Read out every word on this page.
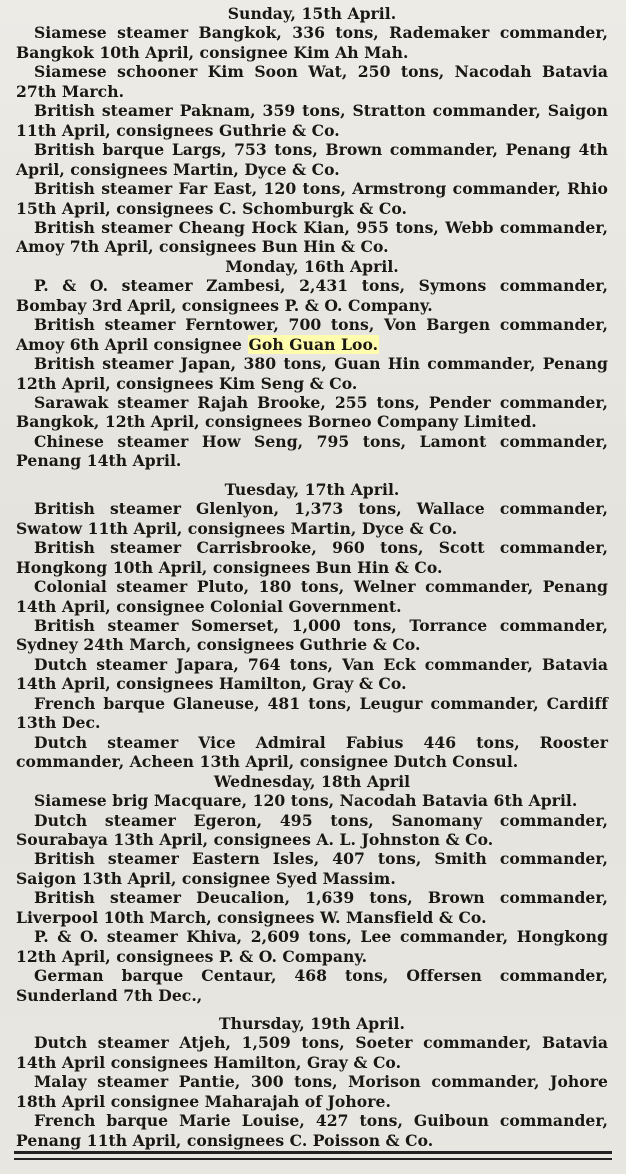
Sunday, 15th April.

Siamese steamer Bangkok, 336 tons, Rademaker commander, Bangkok 10th April, consignee Kim Ah Mah.

Siamese schooner Kim Soon Wat, 250 tons, Nacodah Batavia 27th March.

British steamer Paknam, 359 tons, Stratton commander, Saigon 11th April, consignees Guthrie & Co.

British barque Largs, 753 tons, Brown commander, Penang 4th April, consignees Martin, Dyce & Co.

British steamer Far East, 120 tons, Armstrong commander, Rhio 15th April, consignees C. Schomburgk & Co.

British steamer Cheang Hock Kian, 955 tons, Webb commander, Amoy 7th April, consignees Bun Hin & Co.

Monday, 16th April.

P. & O. steamer Zambesi, 2,431 tons, Symons commander, Bombay 3rd April, consignees P. & O. Company.

British steamer Ferntower, 700 tons, Von Bargen commander, Amoy 6th April consignee Goh Guan Loo.

British steamer Japan, 380 tons, Guan Hin commander, Penang 12th April, consignees Kim Seng & Co.

Sarawak steamer Rajah Brooke, 255 tons, Pender commander, Bangkok, 12th April, consignees Borneo Company Limited.

Chinese steamer How Seng, 795 tons, Lamont commander, Penang 14th April.

Tuesday, 17th April.

British steamer Glenlyon, 1,373 tons, Wallace commander, Swatow 11th April, consignees Martin, Dyce & Co.

British steamer Carrisbrooke, 960 tons, Scott commander, Hongkong 10th April, consignees Bun Hin & Co.

Colonial steamer Pluto, 180 tons, Welner commander, Penang 14th April, consignee Colonial Government.

British steamer Somerset, 1,000 tons, Torrance commander, Sydney 24th March, consignees Guthrie & Co.

Dutch steamer Japara, 764 tons, Van Eck commander, Batavia 14th April, consignees Hamilton, Gray & Co.

French barque Glaneuse, 481 tons, Leugur commander, Cardiff 13th Dec.

Dutch steamer Vice Admiral Fabius 446 tons, Rooster commander, Acheen 13th April, consignee Dutch Consul.

Wednesday, 18th April

Siamese brig Macquare, 120 tons, Nacodah Batavia 6th April.

Dutch steamer Egeron, 495 tons, Sanomany commander, Sourabaya 13th April, consignees A. L. Johnston & Co.

British steamer Eastern Isles, 407 tons, Smith commander, Saigon 13th April, consignee Syed Massim.

British steamer Deucalion, 1,639 tons, Brown commander, Liverpool 10th March, consignees W. Mansfield & Co.

P. & O. steamer Khiva, 2,609 tons, Lee commander, Hongkong 12th April, consignees P. & O. Company.

German barque Centaur, 468 tons, Offersen commander, Sunderland 7th Dec.,

Thursday, 19th April.

Dutch steamer Atjeh, 1,509 tons, Soeter commander, Batavia 14th April consignees Hamilton, Gray & Co.

Malay steamer Pantie, 300 tons, Morison commander, Johore 18th April consignee Maharajah of Johore.

French barque Marie Louise, 427 tons, Guiboun commander, Penang 11th April, consignees C. Poisson & Co.
